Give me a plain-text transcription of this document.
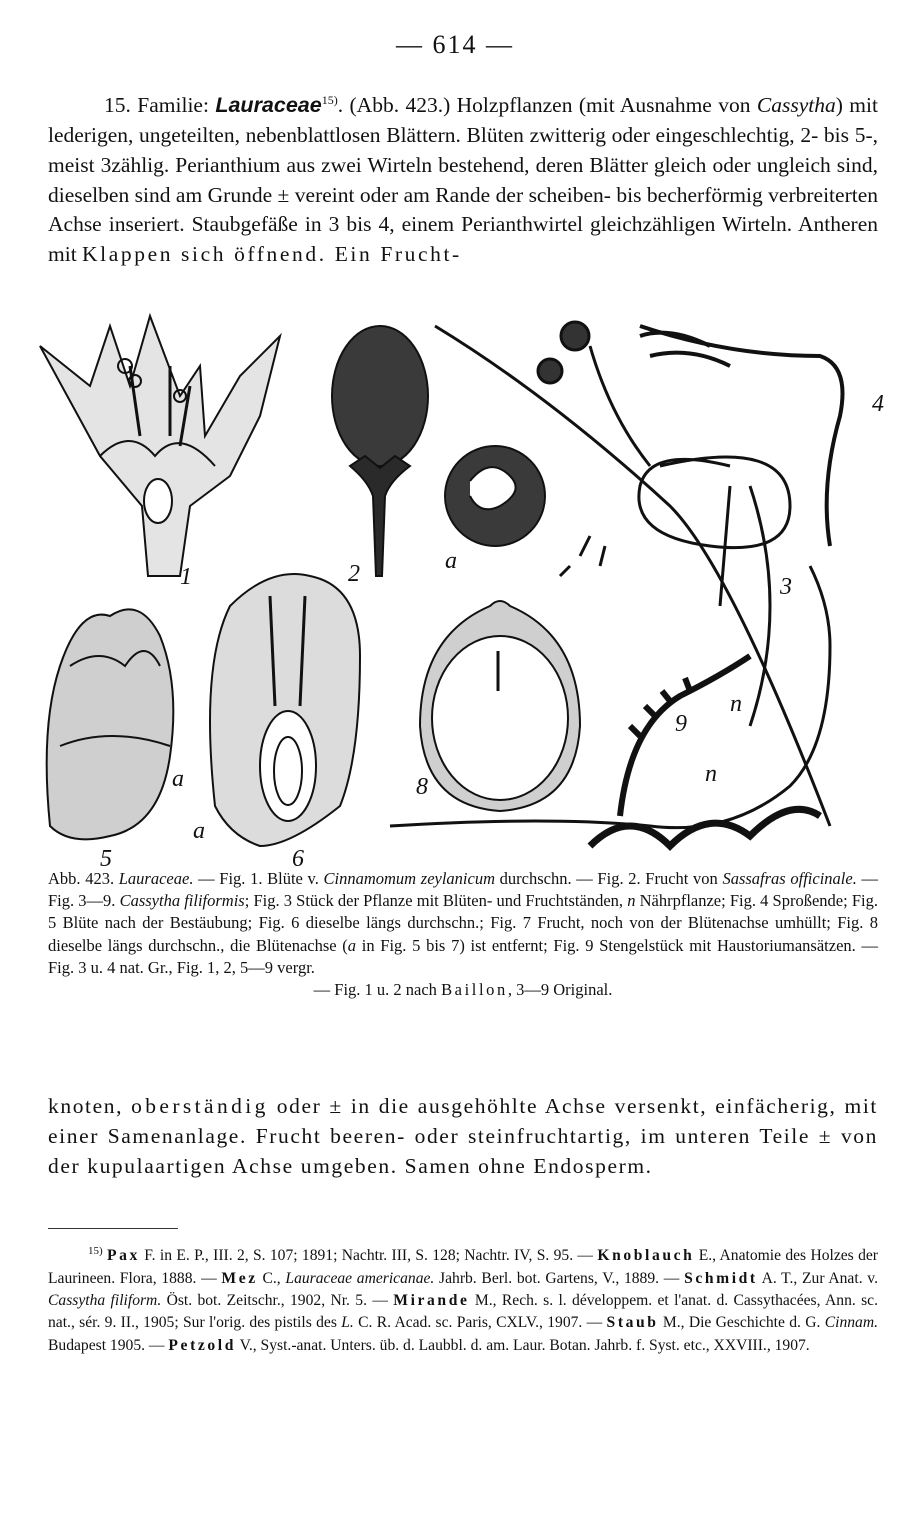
— 614 —

15. Familie: Lauraceae$^{15)}$. (Abb. 423.) Holzpflanzen (mit Ausnahme von Cassytha) mit lederigen, ungeteilten, nebenblattlosen Blättern. Blüten zwitterig oder eingeschlechtig, 2- bis 5-, meist 3zählig. Perianthium aus zwei Wirteln bestehend, deren Blätter gleich oder ungleich sind, dieselben sind am Grunde ± vereint oder am Rande der scheiben- bis becherförmig verbreiterten Achse inseriert. Staubgefäße in 3 bis 4, einem Perianthwirtel gleichzähligen Wirteln. Antheren mit Klappen sich öffnend. Ein Frucht-

1	2	a
3
4
5
a
6
a
8
9
n
n

Abb. 423. Lauraceae. — Fig. 1. Blüte v. Cinnamomum zeylanicum durchschn. — Fig. 2. Frucht von Sassafras officinale. — Fig. 3—9. Cassytha filiformis; Fig. 3 Stück der Pflanze mit Blüten- und Fruchtständen, n Nährpflanze; Fig. 4 Sproßende; Fig. 5 Blüte nach der Bestäubung; Fig. 6 dieselbe längs durchschn.; Fig. 7 Frucht, noch von der Blütenachse umhüllt; Fig. 8 dieselbe längs durchschn., die Blütenachse (a in Fig. 5 bis 7) ist entfernt; Fig. 9 Stengelstück mit Haustoriumansätzen. — Fig. 3 u. 4 nat. Gr., Fig. 1, 2, 5—9 vergr.

— Fig. 1 u. 2 nach Baillon, 3—9 Original.

knoten, oberständig oder ± in die ausgehöhlte Achse versenkt, einfächerig, mit einer Samenanlage. Frucht beeren- oder steinfruchtartig, im unteren Teile ± von der kupulaartigen Achse umgeben. Samen ohne Endosperm.

$^{15)}$ Pax F. in E. P., III. 2, S. 107; 1891; Nachtr. III, S. 128; Nachtr. IV, S. 95. — Knoblauch E., Anatomie des Holzes der Laurineen. Flora, 1888. — Mez C., Lauraceae americanae. Jahrb. Berl. bot. Gartens, V., 1889. — Schmidt A. T., Zur Anat. v. Cassytha filiform. Öst. bot. Zeitschr., 1902, Nr. 5. — Mirande M., Rech. s. l. développem. et l'anat. d. Cassythacées, Ann. sc. nat., sér. 9. II., 1905; Sur l'orig. des pistils des L. C. R. Acad. sc. Paris, CXLV., 1907. — Staub M., Die Geschichte d. G. Cinnam. Budapest 1905. — Petzold V., Syst.-anat. Unters. üb. d. Laubbl. d. am. Laur. Botan. Jahrb. f. Syst. etc., XXVIII., 1907.
